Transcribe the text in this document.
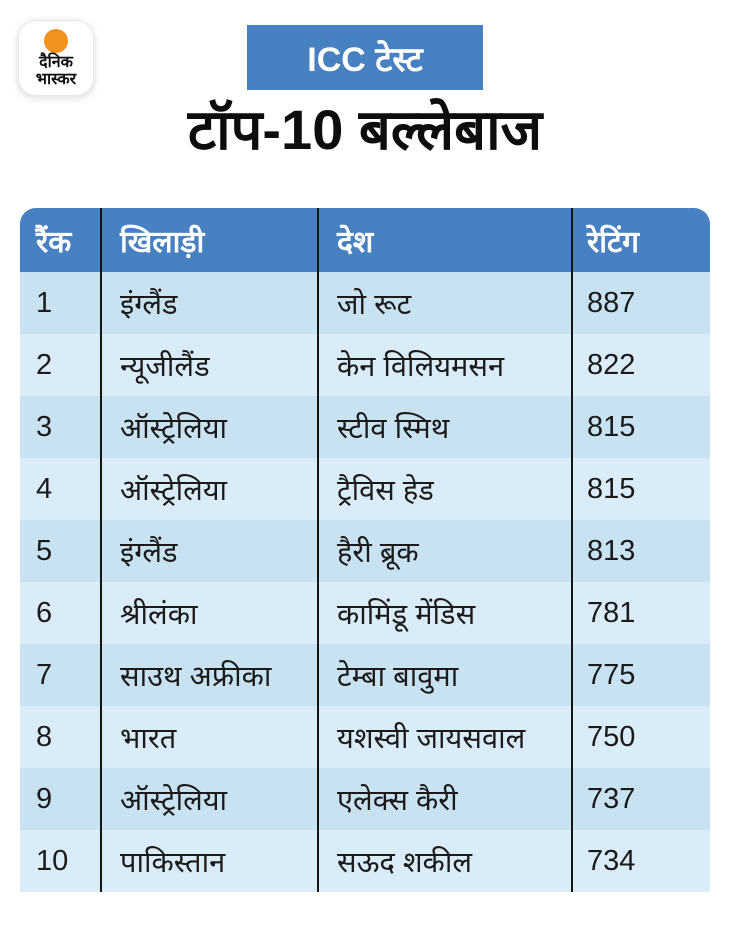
दैनिक
भास्कर
ICC टेस्ट
टॉप-10 बल्लेबाज
रैंक	खिलाड़ी	देश	रेटिंग
1	इंग्लैंड	जो रूट	887
2	न्यूजीलैंड	केन विलियमसन	822
3	ऑस्ट्रेलिया	स्टीव स्मिथ	815
4	ऑस्ट्रेलिया	ट्रैविस हेड	815
5	इंग्लैंड	हैरी ब्रूक	813
6	श्रीलंका	कामिंडू मेंडिस	781
7	साउथ अफ्रीका	टेम्बा बावुमा	775
8	भारत	यशस्वी जायसवाल	750
9	ऑस्ट्रेलिया	एलेक्स कैरी	737
10	पाकिस्तान	सऊद शकील	734
